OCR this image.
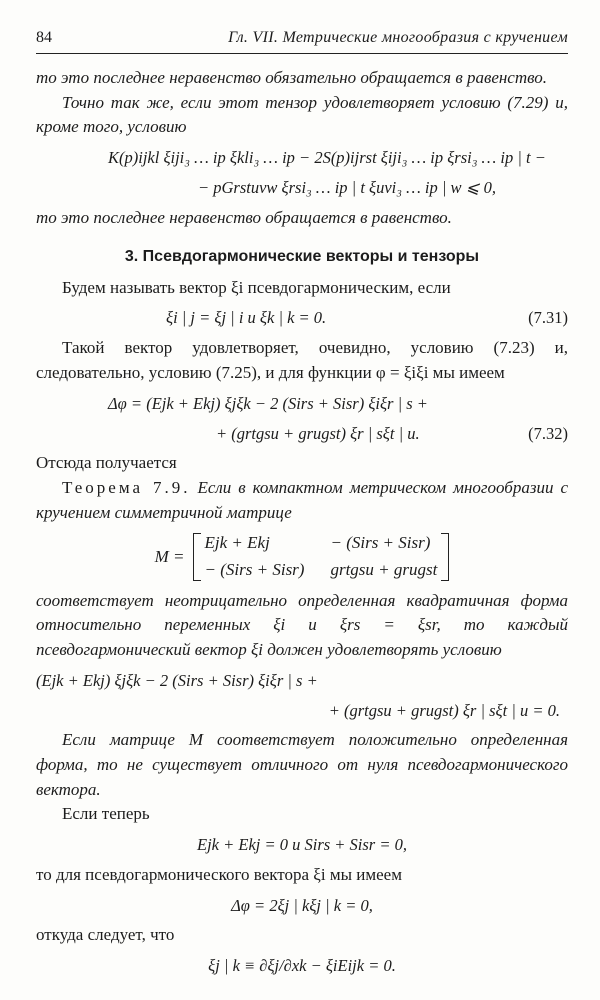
84	Гл. VII. Метрические многообразия с кручением

то это последнее неравенство обязательно обращается в равенство.

Точно так же, если этот тензор удовлетворяет условию (7.29) и, кроме того, условию

K(p)ijkl ξiji₃ … ip ξkli₃ … ip − 2S(p)ijrst ξiji₃ … ip ξrsi₃ … ip | t −
− pGrstuvw ξrsi₃ … ip | t ξuvi₃ … ip | w ⩽ 0,

то это последнее неравенство обращается в равенство.

3. Псевдогармонические векторы и тензоры

Будем называть вектор ξi псевдогармоническим, если

ξi | j = ξj | i и ξk | k = 0.	(7.31)

Такой вектор удовлетворяет, очевидно, условию (7.23) и, следовательно, условию (7.25), и для функции φ = ξiξi мы имеем

Δφ = (Ejk + Ekj) ξjξk − 2 (Sirs + Sisr) ξiξr | s +
+ (grtgsu + grugst) ξr | sξt | u.	(7.32)

Отсюда получается

Теорема 7.9. Если в компактном метрическом многообразии с кручением симметричной матрице

M =
Ejk + Ekj	− (Sirs + Sisr)
− (Sirs + Sisr) grtgsu + grugst

соответствует неотрицательно определенная квадратичная форма относительно переменных ξi и ξrs = ξsr, то каждый псевдогармонический вектор ξi должен удовлетворять условию

(Ejk + Ekj) ξjξk − 2 (Sirs + Sisr) ξiξr | s +
+ (grtgsu + grugst) ξr | sξt | u = 0.

Если матрице M соответствует положительно определенная форма, то не существует отличного от нуля псевдогармонического вектора.

Если теперь

Ejk + Ekj = 0 и Sirs + Sisr = 0,

то для псевдогармонического вектора ξi мы имеем

Δφ = 2ξj | kξj | k = 0,

откуда следует, что

ξj | k ≡ ∂ξj/∂xk − ξiEijk = 0.
